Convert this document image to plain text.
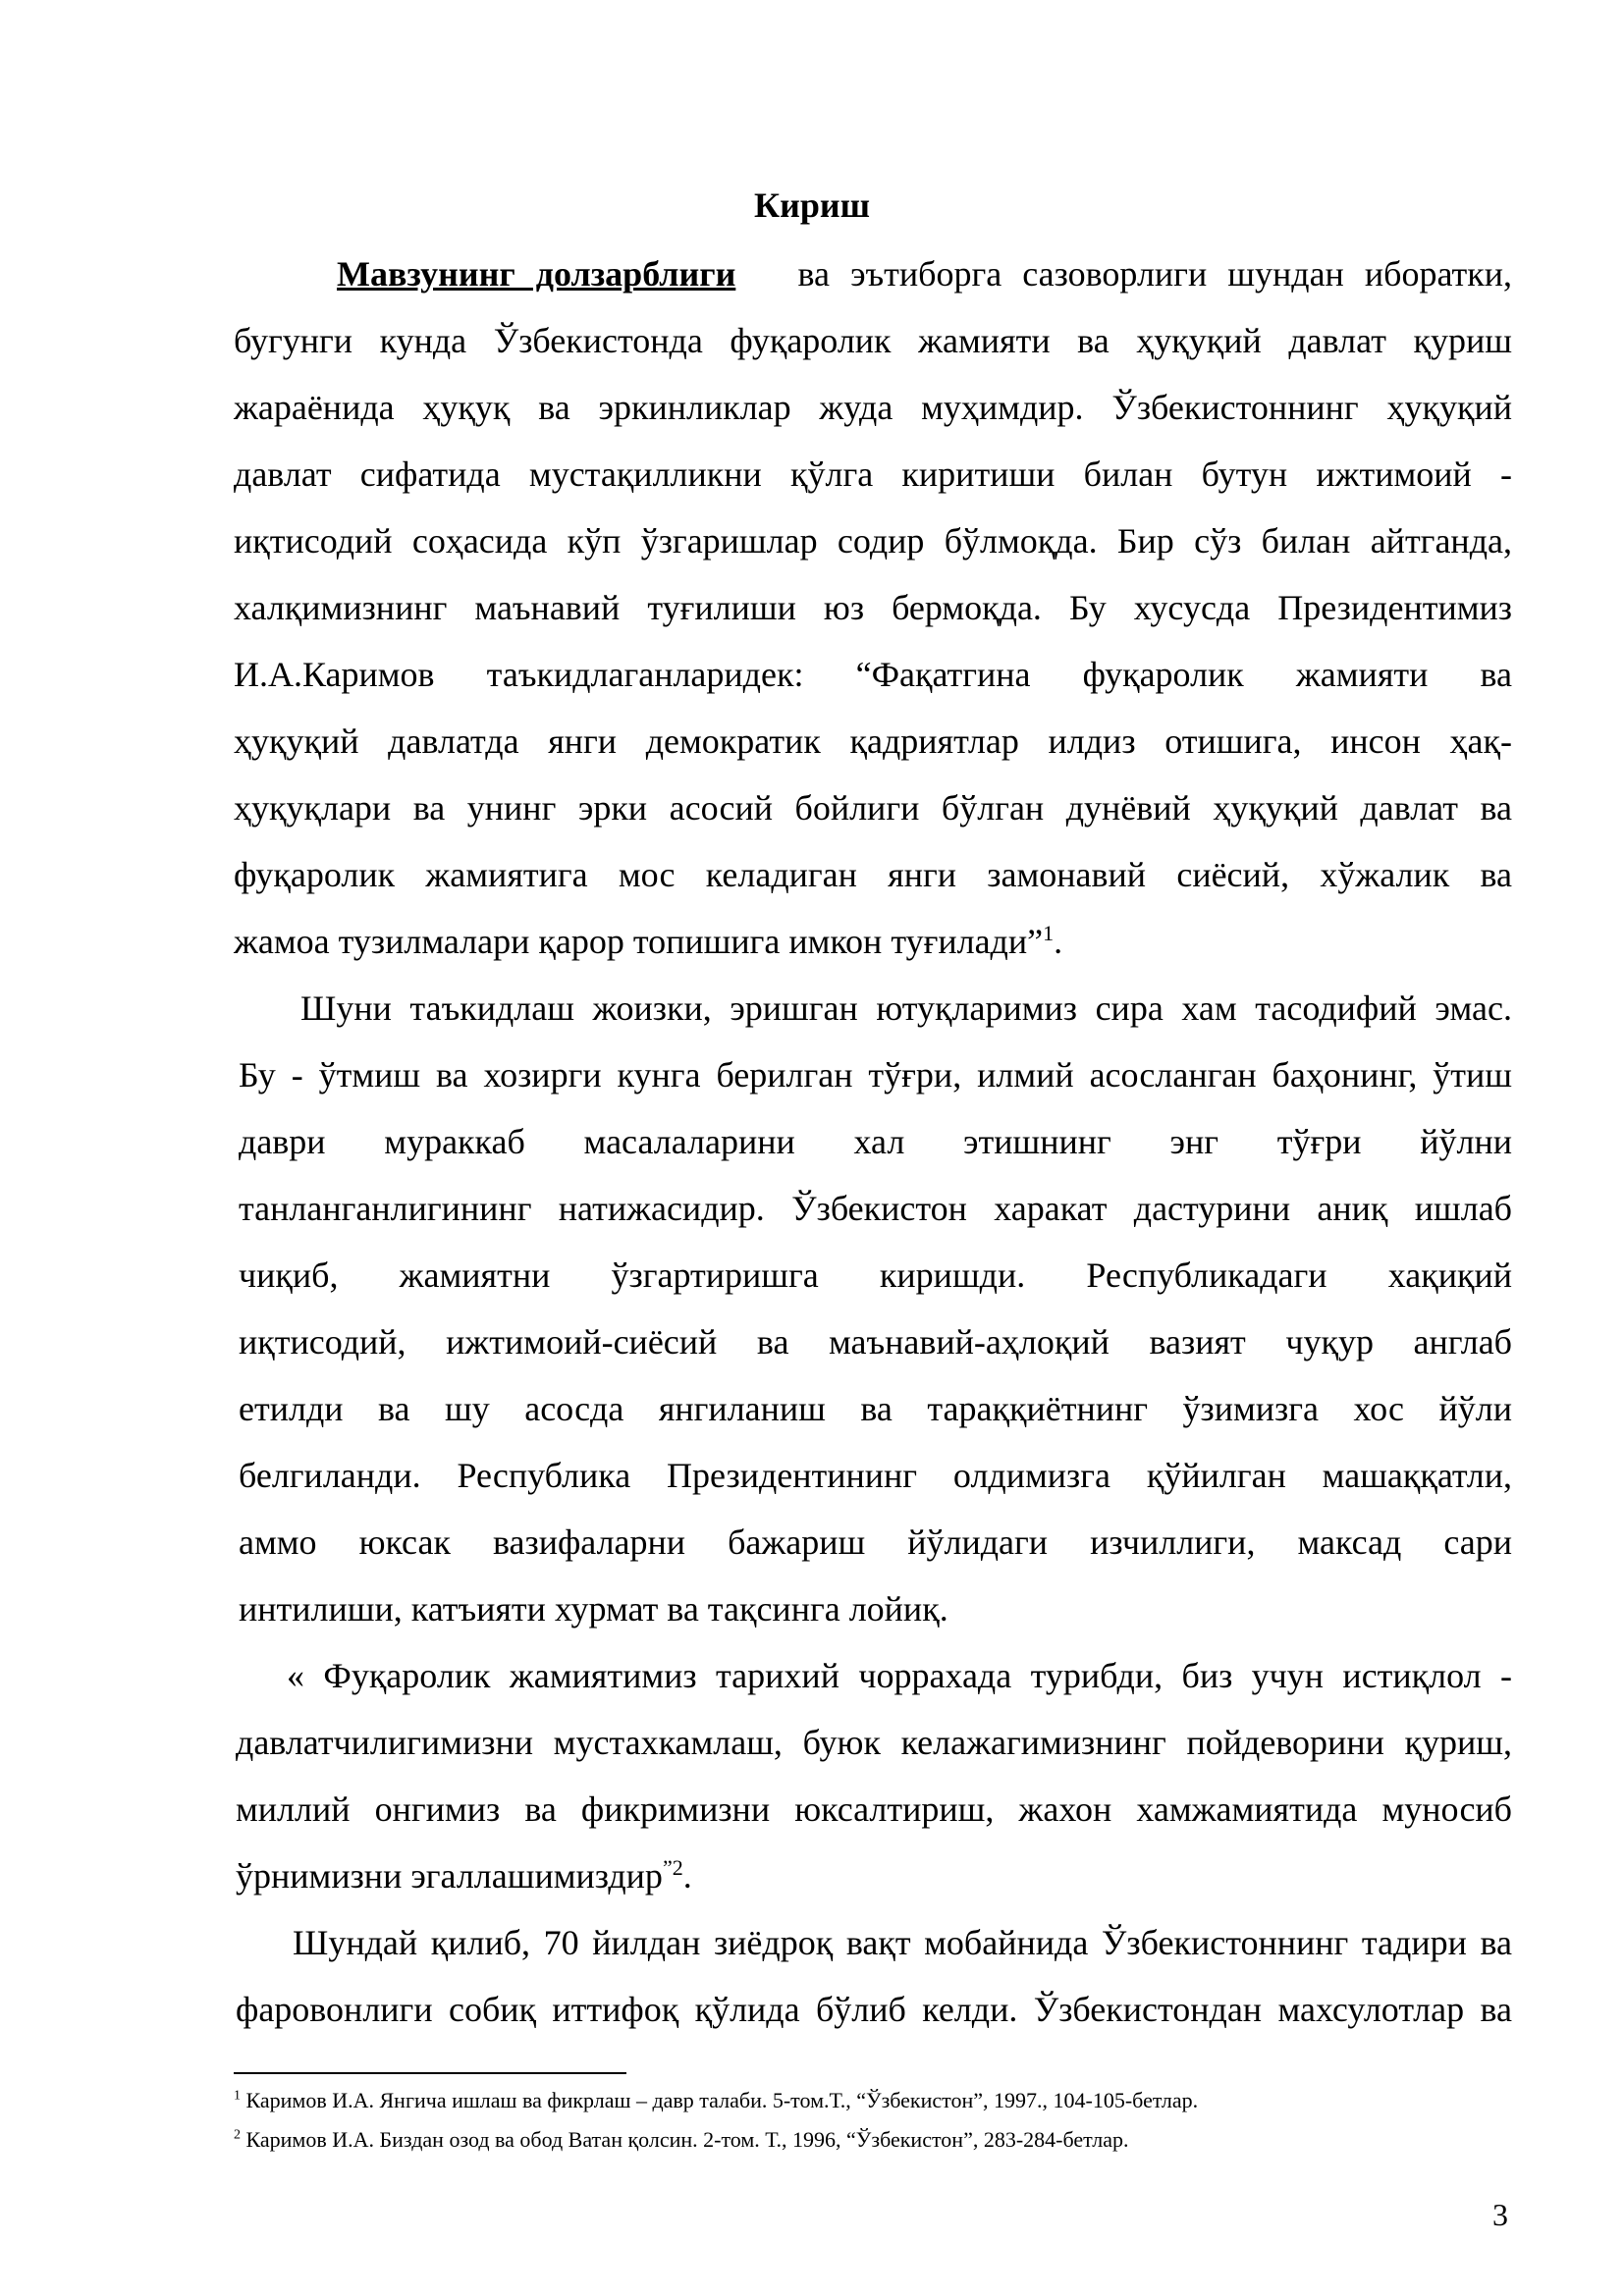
Кириш
Мавзунинг долзарблиги ва эътиборга сазоворлиги шундан иборатки,
бугунги кунда Ўзбекистонда фуқаролик жамияти ва ҳуқуқий давлат қуриш
жараёнида ҳуқуқ ва эркинликлар жуда муҳимдир. Ўзбекистоннинг ҳуқуқий
давлат сифатида мустақилликни қўлга киритиши билан бутун ижтимоий -
иқтисодий соҳасида кўп ўзгаришлар содир бўлмоқда. Бир сўз билан айтганда,
халқимизнинг маънавий туғилиши юз бермоқда. Бу хусусда Президентимиз
И.А.Каримов таъкидлаганларидек: “Фақатгина фуқаролик жамияти ва
ҳуқуқий давлатда янги демократик қадриятлар илдиз отишига, инсон ҳақ-
ҳуқуқлари ва унинг эрки асосий бойлиги бўлган дунёвий ҳуқуқий давлат ва
фуқаролик жамиятига мос келадиган янги замонавий сиёсий, хўжалик ва
жамоа тузилмалари қарор топишига имкон туғилади”$^1$.
Шуни таъкидлаш жоизки, эришган ютуқларимиз сира хам тасодифий эмас.
Бу - ўтмиш ва хозирги кунга берилган тўғри, илмий асосланган баҳонинг, ўтиш
даври мураккаб масалаларини хал этишнинг энг тўғри йўлни
танланганлигининг натижасидир. Ўзбекистон харакат дастурини аниқ ишлаб
чиқиб, жамиятни ўзгартиришга киришди. Республикадаги хақиқий
иқтисодий, ижтимоий-сиёсий ва маънавий-аҳлоқий вазият чуқур англаб
етилди ва шу асосда янгиланиш ва тараққиётнинг ўзимизга хос йўли
белгиланди. Республика Президентининг олдимизга қўйилган машаққатли,
аммо юксак вазифаларни бажариш йўлидаги изчиллиги, максад сари
интилиши, катъияти хурмат ва тақсинга лойиқ.
« Фуқаролик жамиятимиз тарихий чоррахада турибди, биз учун истиқлол -
давлатчилигимизни мустахкамлаш, буюк келажагимизнинг пойдеворини қуриш,
миллий онгимиз ва фикримизни юксалтириш, жахон хамжамиятида муносиб
ўрнимизни эгаллашимиздир$^{”2}$.
Шундай қилиб, 70 йилдан зиёдроқ вақт мобайнида Ўзбекистоннинг тадири ва
фаровонлиги собиқ иттифоқ қўлида бўлиб келди. Ўзбекистондан махсулотлар ва
$^1$ Каримов И.А. Янгича ишлаш ва фикрлаш – давр талаби. 5-том.Т., “Ўзбекистон”, 1997., 104-105-бетлар.
$^2$ Каримов И.А. Биздан озод ва обод Ватан қолсин. 2-том. Т., 1996, “Ўзбекистон”, 283-284-бетлар.
3
